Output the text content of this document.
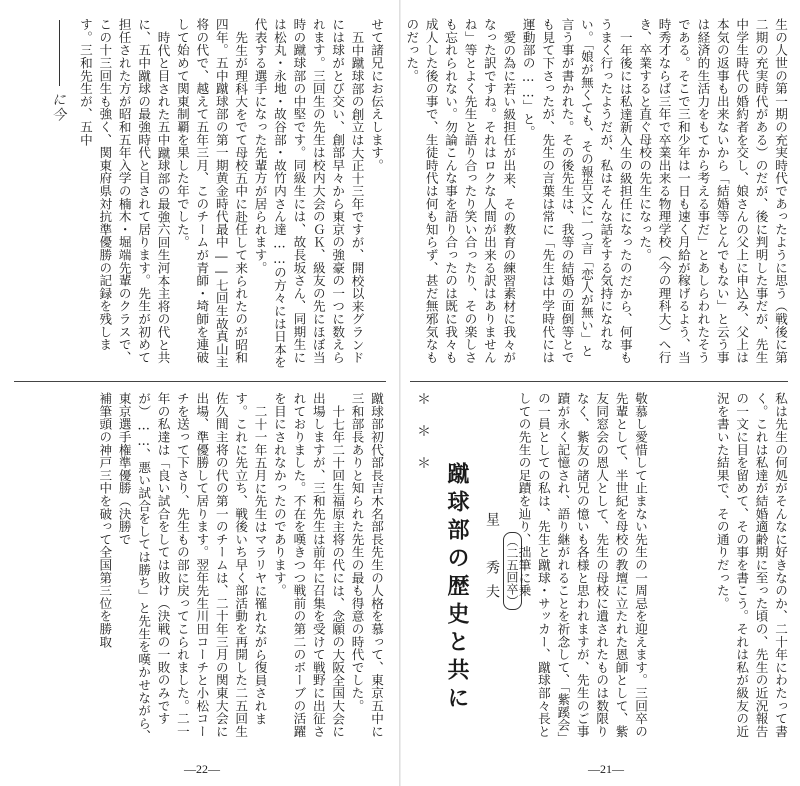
に今	せて諸兄にお伝えします。

五中蹴球部の創立は大正十三年ですが、開校以来グランドには球がとび交い、創部早々から東京の強豪の一つに数えられます。三回生の先生は校内大会のＧＫ、級友の先にほぼ当時の蹴球部の中堅です。同級生には、故長坂さん、同期生には松丸・永地・故谷部・故竹内さん達……の方々には日本を代表する選手になった先輩方が居られます。

先生が理科大をでて母校五中に赴任して来られたのが昭和四年。五中蹴球部の第一期黄金時代最中――七回生故真山主将の代で、越えて五年三月、このチームが青師・埼師を連破して始めて関東制覇を果した年でした。

時代と目された五中蹴球部の最強六回生河本主将の代と共に、五中蹴球の最強時代と目されて居ります。先生が初めて担任された方が昭和五年入学の楠木・堀端先輩のクラスで、この十三回生も強く、関東府県対抗準優勝の記録を残します。三和先生が、五中

蹴球部初代部長吉木名部長先生の人格を慕って、東京五中に三和部長ありと知られた先生の最も得意の時代でした。

十七年二十回生福原主将の代には、念願の大阪全国大会に出場しますが、三和先生は前年に召集を受けて戦野に出征されておりました。不在を嘆きつつ戦前の第二のボーブの活躍を目にされなかったのであります。

二十一年五月に先生はマラリヤに罹れながら復員されます。これに先立ち、戦後いち早く部活動を再開した二五回生佐久間主将の代の第一のチームは、二十年三月の関東大会に出場、準優勝して居ります。翌年先生川田コーチと小松コーチを送って下さり、先生もの部に戻ってこられました。二一年の私達は「良い試合をしては敗け（決戦の一敗のみですが）……、悪い試合をしては勝ち」と先生を嘆かせながら、東京選手権準優勝（決勝で

補筆頭の神戸三中を破って全国第三位を勝取

—22—

生の人世の第一期の充実時代であったように思う（戦後に第二期の充実時代がある）のだが、後に判明した事だが、先生中学生時代の婚約者を交し、娘さんの父上に申込み、父上は本気の返事も出来ないから「結婚等とんでもない」と云う事は経済的生活力をもてから考える事だ」とあしらわれたそうである。そこで三和少年は一日も速く月給が稼げるよう、当時秀才ならば三年で卒業出来る物理学校（今の理科大）へ行き、卒業すると直ぐ母校の先生になった。

一年後には私達新入生の級担任になったのだから、何事もうまく行ったようだが、私はそんな話をする気持になれない。「娘が無くても、その報告文に一つ言「恋人が無い」と言う事が書かれた。その後先生は、我等の結婚の面倒等とでも見て下さったが、先生の言葉は常に「先生は中学時代には運動部の……」と。

愛の為に若い級担任が出来、その教育の練習素材に我々がなった訳ですね。それはロクな人間が出来る訳はありませんね」等とよく先生と語り合ったり笑い合ったり、その楽しさも忘れられない。勿論こんな事を語り合ったのは既に我々も成人した後の事で、生徒時代は何も知らず、甚だ無邪気なものだった。

私は先生の何処がそんなに好きなのか、二十年にわたって書く。これは私達が結婚適齢期に至った頃の、先生の近況報告の一文に目を留めて、その事を書こう。それは私が級友の近況を書いた結果で、その通りだった。

＊＊＊
蹴球部の歴史と共に 星　秀夫 （二五回卒）	敬慕し愛惜して止まない先生の一周忌を迎えます。三回卒の先輩として、半世紀を母校の教壇に立たれた恩師として、紫友同窓会の恩人として、先生の母校に遺されたものは数限りなく、紫友の諸兄の憶いも各様と思われますが、先生のご事蹟が永く記憶され、語り継がれることを祈念して、「紫蹊会」の一員としての私は、先生と蹴球・サッカー、蹴球部々長としての先生の足蹟を辿り、拙筆に乗

—21—
